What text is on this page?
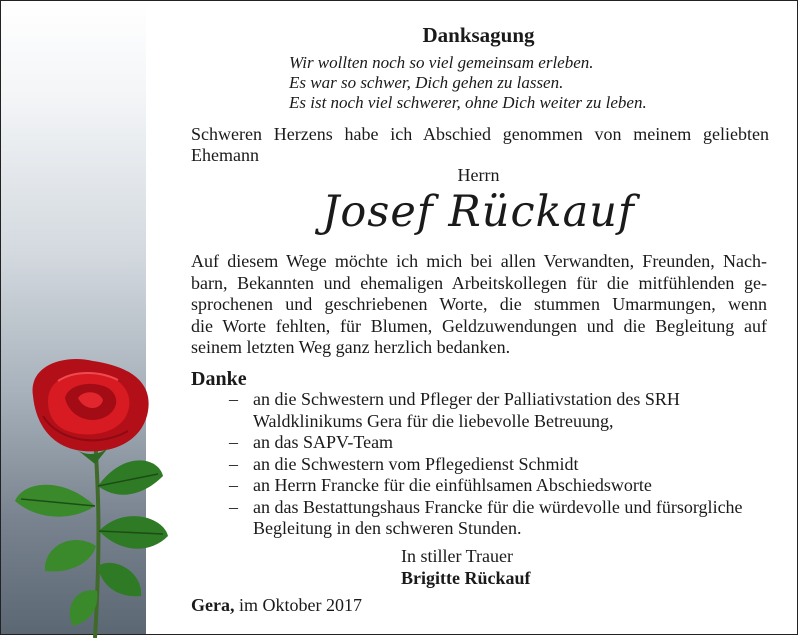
Danksagung
Wir wollten noch so viel gemeinsam erleben.
Es war so schwer, Dich gehen zu lassen.
Es ist noch viel schwerer, ohne Dich weiter zu leben.
Schweren Herzens habe ich Abschied genommen von meinem geliebten Ehemann
Herrn
Josef Rückauf
Auf diesem Wege möchte ich mich bei allen Verwandten, Freunden, Nach-
barn, Bekannten und ehemaligen Arbeitskollegen für die mitfühlenden ge-
sprochenen und geschriebenen Worte, die stummen Umarmungen, wenn
die Worte fehlten, für Blumen, Geldzuwendungen und die Begleitung auf
seinem letzten Weg ganz herzlich bedanken.
Danke
– an die Schwestern und Pfleger der Palliativstation des SRH Waldklinikums Gera für die liebevolle Betreuung,
– an das SAPV-Team
– an die Schwestern vom Pflegedienst Schmidt
– an Herrn Francke für die einfühlsamen Abschiedsworte
– an das Bestattungshaus Francke für die würdevolle und fürsorgliche Begleitung in den schweren Stunden.
In stiller Trauer
Brigitte Rückauf
Gera, im Oktober 2017
